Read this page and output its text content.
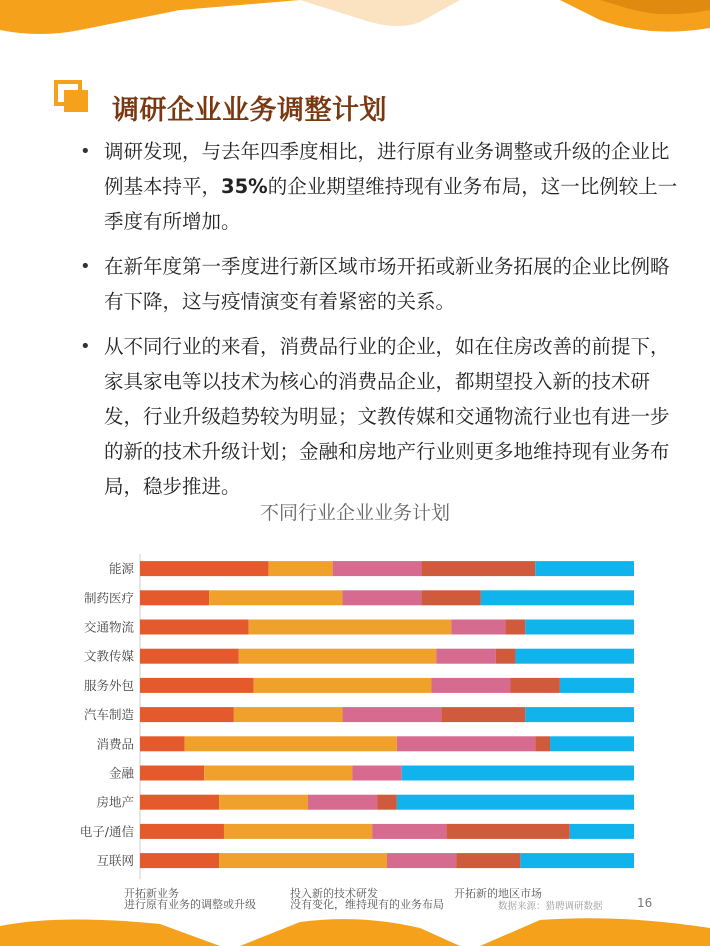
调研企业业务调整计划
• 调研发现，与去年四季度相比，进行原有业务调整或升级的企业比例基本持平，35%的企业期望维持现有业务布局，这一比例较上一季度有所增加。
• 在新年度第一季度进行新区域市场开拓或新业务拓展的企业比例略有下降，这与疫情演变有着紧密的关系。
• 从不同行业的来看，消费品行业的企业，如在住房改善的前提下，家具家电等以技术为核心的消费品企业，都期望投入新的技术研发，行业升级趋势较为明显；文教传媒和交通物流行业也有进一步的新的技术升级计划；金融和房地产行业则更多地维持现有业务布局，稳步推进。
不同行业企业业务计划
能源
制药医疗
交通物流
文教传媒
服务外包
汽车制造
消费品
金融
房地产
电子/通信
互联网
开拓新业务
进行原有业务的调整或升级
投入新的技术研发
没有变化，维持现有的业务布局
开拓新的地区市场
数据来源：猎聘调研数据	16
